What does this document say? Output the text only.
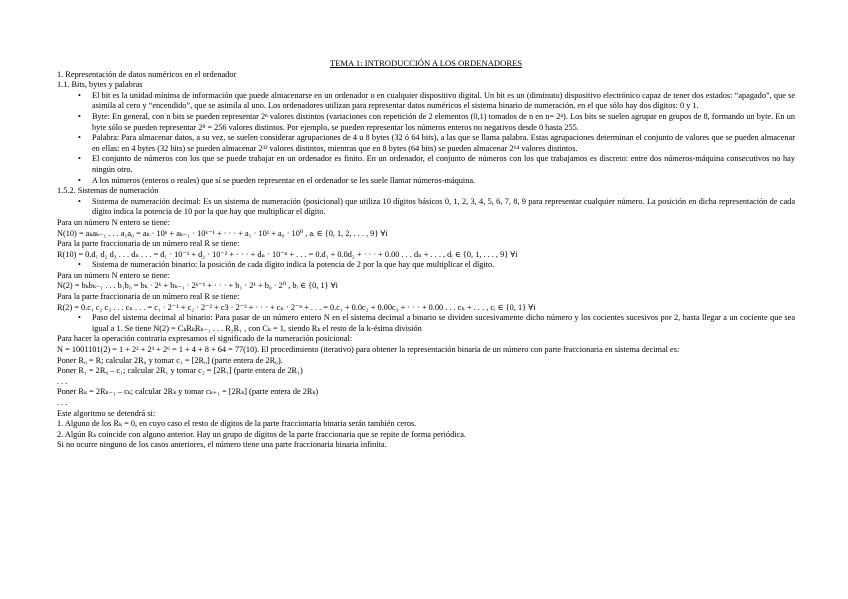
TEMA 1: INTRODUCCIÓN A LOS ORDENADORES
1. Representación de datos numéricos en el ordenador
1.1. Bits, bytes y palabras
• El bit es la unidad mínima de información que puede almacenarse en un ordenador o en cualquier dispositivo digital. Un bit es un (diminuto) dispositivo electrónico capaz de tener dos estados: “apagado”, que se asimila al cero y “encendido”, que se asimila al uno. Los ordenadores utilizan para representar datos numéricos el sistema binario de numeración, en el que sólo hay dos dígitos: 0 y 1.
• Byte: En general, con n bits se pueden representar 2ⁿ valores distintos (variaciones con repetición de 2 elementos (0,1) tomados de n en n= 2ⁿ). Los bits se suelen agrupar en grupos de 8, formando un byte. En un byte sólo se pueden representar 2⁸ = 256 valores distintos. Por ejemplo, se pueden representar los números enteros no negativos desde 0 hasta 255.
• Palabra: Para almacenar datos, a su vez, se suelen considerar agrupaciones de 4 u 8 bytes (32 ó 64 bits), a las que se llama palabra. Estas agrupaciones determinan el conjunto de valores que se pueden almacenar en ellas: en 4 bytes (32 bits) se pueden almacenar 2³² valores distintos, mientras que en 8 bytes (64 bits) se pueden almacenar 2⁶⁴ valores distintos.
• El conjunto de números con los que se puede trabajar en un ordenador es finito. En un ordenador, el conjunto de números con los que trabajamos es discreto: entre dos números-máquina consecutivos no hay ningún otro.
• A los números (enteros o reales) que sí se pueden representar en el ordenador se les suele llamar números-máquina.
1.5.2. Sistemas de numeración
• Sistema de numeración decimal: Es un sistema de numeración (posicional) que utiliza 10 dígitos básicos 0, 1, 2, 3, 4, 5, 6, 7, 8, 9 para representar cualquier número. La posición en dicha representación de cada dígito indica la potencia de 10 por la que hay que multiplicar el dígito.
Para un número N entero se tiene:
N(10) = aₖaₖ₋₁ . . . a₁a₀ = aₖ · 10ᵏ + aₖ₋₁ · 10ᵏ⁻¹ + · · · + a₁ · 10¹ + a₀ · 10⁰ , aᵢ ∈ {0, 1, 2, . . . , 9} ∀i
Para la parte fraccionaria de un número real R se tiene:
R(10) = 0.d₁ d₂ d₃ . . . dₙ . . . = d₁ · 10⁻¹ + d₂ · 10⁻² + · · · + dₙ · 10⁻ⁿ + . . . = 0.d₁ + 0.0d₂ + · · · + 0.00 . . . dₙ + . . . , dᵢ ∈ {0, 1, . . . , 9} ∀i
• Sistema de numeración binario: la posición de cada dígito indica la potencia de 2 por la que hay que multiplicar el dígito.
Para un número N entero se tiene:
N(2) = bₖbₖ₋₁ . . . b₁b₀ = bₖ · 2ᵏ + bₖ₋₁ · 2ᵏ⁻¹ + · · · + b₁ · 2¹ + b₀ · 2⁰ , bᵢ ∈ {0, 1} ∀i
Para la parte fraccionaria de un número real R se tiene:
R(2) = 0.c₁ c₂ c₃ . . . cₙ . . . = c₁ · 2⁻¹ + c₂ · 2⁻² + c3 · 2⁻³ + · · · + cₙ · 2⁻ⁿ + . . . = 0.c₁ + 0.0c₂ + 0.00c₃ + · · · + 0.00 . . . cₙ + . . . , cᵢ ∈ {0, 1} ∀i
• Paso del sistema decimal al binario: Para pasar de un número entero N en el sistema decimal a binario se dividen sucesivamente dicho número y los cocientes sucesivos por 2, hasta llegar a un cociente que sea igual a 1. Se tiene N(2) = CₖRₖRₖ₋₁ . . . R₂R₁ , con Cₖ = 1, siendo Rₖ el resto de la k-ésima división
Para hacer la operación contraria expresamos el significado de la numeración posicional:
N = 1001101(2) = 1 + 2² + 2³ + 2⁶ = 1 + 4 + 8 + 64 = 77(10). El procedimiento (iterativo) para obtener la representación binaria de un número con parte fraccionaria en sistema decimal es:
Poner R₀ = R; calcular 2R₀ y tomar c₁ = [2R₀] (parte entera de 2R₀).
Poner R₁ = 2R₀ – c₁; calcular 2R₁ y tomar c₂ = [2R₁] (parte entera de 2R₁)
. . .
Poner Rₖ = 2Rₖ₋₁ – cₖ; calcular 2Rₖ y tomar cₖ₊₁ = [2Rₖ] (parte entera de 2Rₖ)
. . .
Este algoritmo se detendrá si:
1. Alguno de los Rₖ = 0, en cuyo caso el resto de dígitos de la parte fraccionaria binaria serán también ceros.
2. Algún Rₖ coincide con alguno anterior. Hay un grupo de dígitos de la parte fraccionaria que se repite de forma periódica.
Si no ocurre ninguno de los casos anteriores, el número tiene una parte fraccionaria binaria infinita.
